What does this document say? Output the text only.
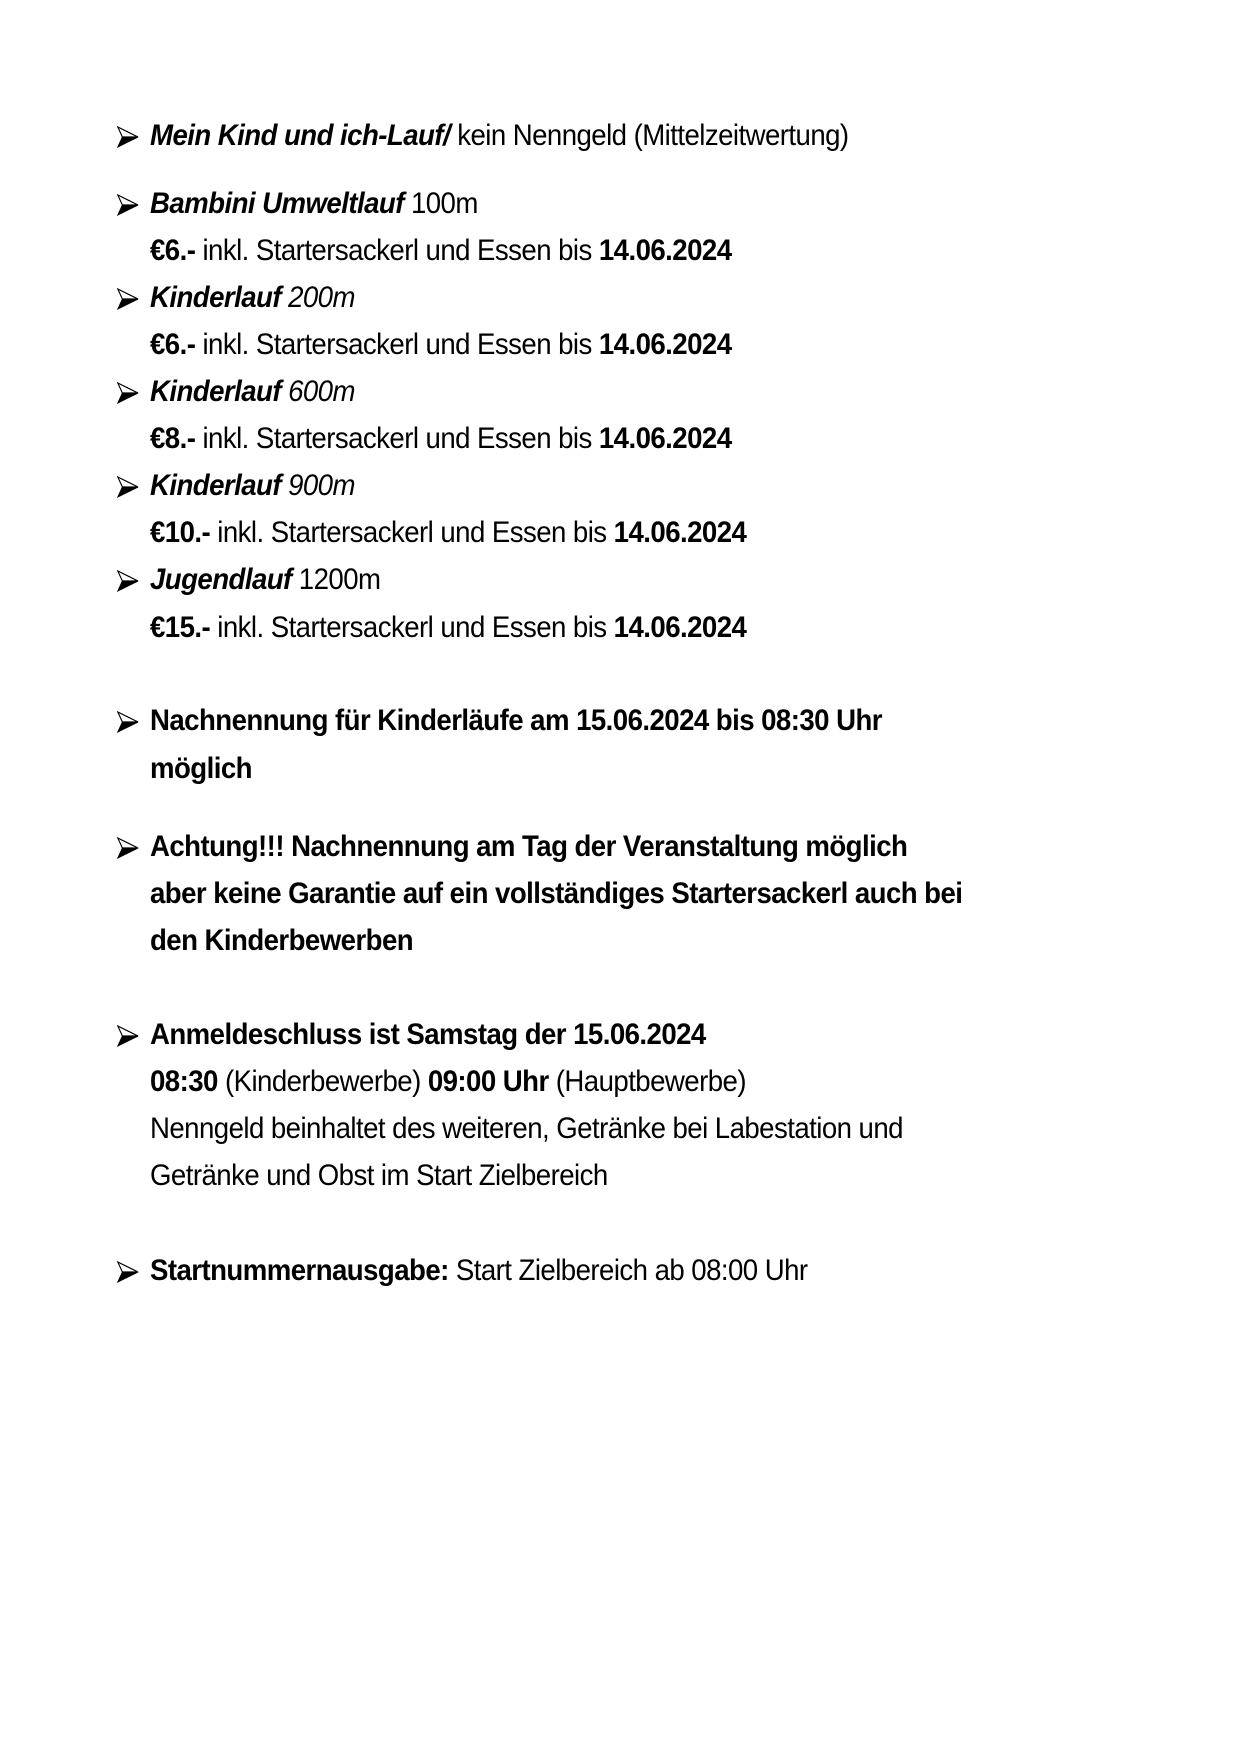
Mein Kind und ich-Lauf/ kein Nenngeld (Mittelzeitwertung)
Bambini Umweltlauf 100m
€6.- inkl. Startersackerl und Essen bis 14.06.2024
Kinderlauf 200m
€6.- inkl. Startersackerl und Essen bis 14.06.2024
Kinderlauf 600m
€8.- inkl. Startersackerl und Essen bis 14.06.2024
Kinderlauf 900m
€10.- inkl. Startersackerl und Essen bis 14.06.2024
Jugendlauf 1200m
€15.- inkl. Startersackerl und Essen bis 14.06.2024
Nachnennung für Kinderläufe am 15.06.2024 bis 08:30 Uhr
möglich
Achtung!!! Nachnennung am Tag der Veranstaltung möglich
aber keine Garantie auf ein vollständiges Startersackerl auch bei
den Kinderbewerben
Anmeldeschluss ist Samstag der 15.06.2024
08:30 (Kinderbewerbe) 09:00 Uhr (Hauptbewerbe)
Nenngeld beinhaltet des weiteren, Getränke bei Labestation und
Getränke und Obst im Start Zielbereich
Startnummernausgabe: Start Zielbereich ab 08:00 Uhr
